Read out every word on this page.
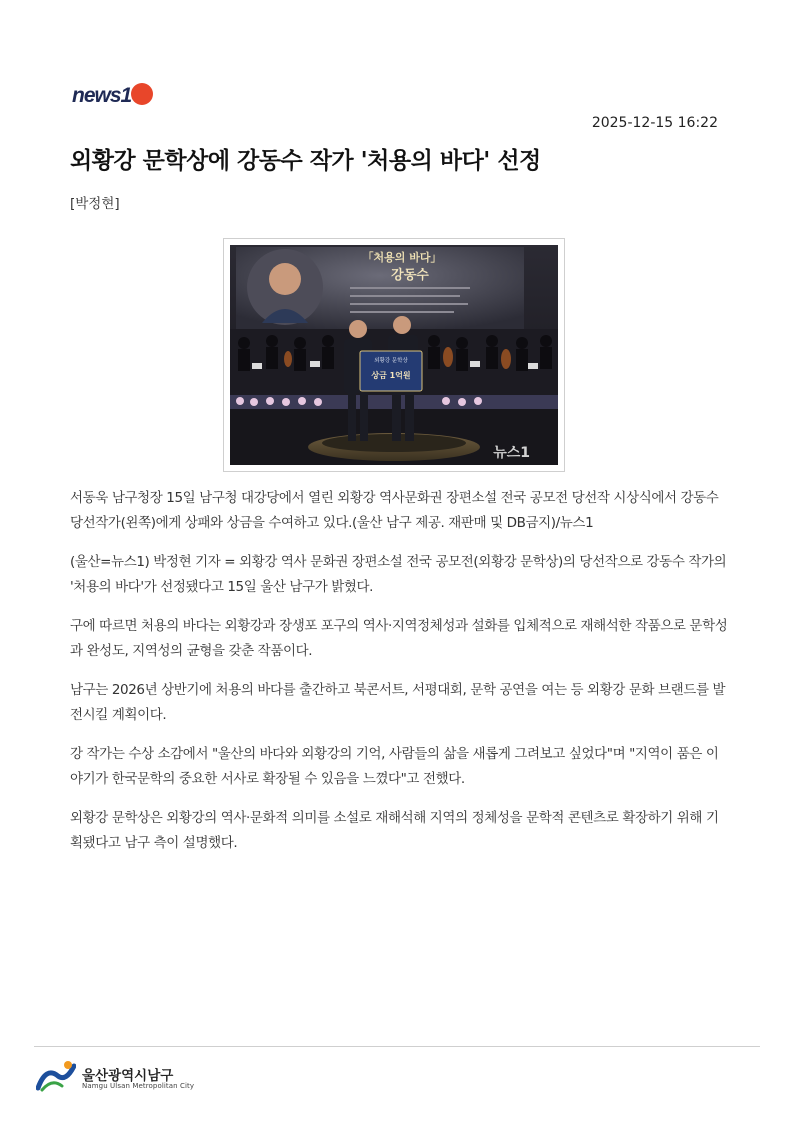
news1
2025-12-15 16:22
외황강 문학상에 강동수 작가 '처용의 바다' 선정
[박정현]
「처용의 바다」
강동수
외황강 문학상
상금 1억원
뉴스1

서동욱 남구청장 15일 남구청 대강당에서 열린 외황강 역사문화권 장편소설 전국 공모전 당선작 시상식에서 강동수 당선작가(왼쪽)에게 상패와 상금을 수여하고 있다.(울산 남구 제공. 재판매 및 DB금지)/뉴스1

(울산=뉴스1) 박정현 기자 = 외황강 역사 문화권 장편소설 전국 공모전(외황강 문학상)의 당선작으로 강동수 작가의 '처용의 바다'가 선정됐다고 15일 울산 남구가 밝혔다.

구에 따르면 처용의 바다는 외황강과 장생포 포구의 역사·지역정체성과 설화를 입체적으로 재해석한 작품으로 문학성과 완성도, 지역성의 균형을 갖춘 작품이다.

남구는 2026년 상반기에 처용의 바다를 출간하고 북콘서트, 서평대회, 문학 공연을 여는 등 외황강 문화 브랜드를 발전시킬 계획이다.

강 작가는 수상 소감에서 "울산의 바다와 외황강의 기억, 사람들의 삶을 새롭게 그려보고 싶었다"며 "지역이 품은 이야기가 한국문학의 중요한 서사로 확장될 수 있음을 느꼈다"고 전했다.

외황강 문학상은 외황강의 역사·문화적 의미를 소설로 재해석해 지역의 정체성을 문학적 콘텐츠로 확장하기 위해 기획됐다고 남구 측이 설명했다.

울산광역시남구
Namgu Ulsan Metropolitan City
